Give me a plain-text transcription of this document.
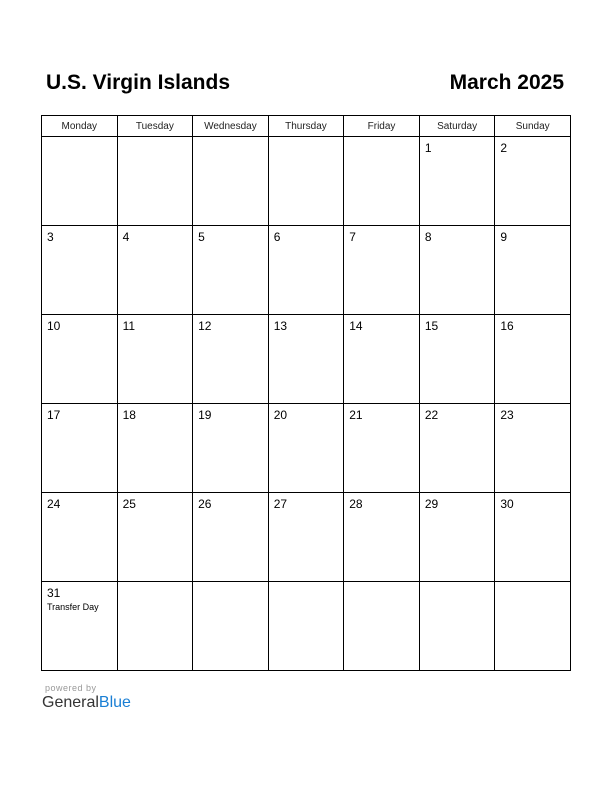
U.S. Virgin Islands	March 2025
Monday	Tuesday	Wednesday	Thursday	Friday	Saturday	Sunday

					1	2

3	4	5	6	7	8	9

10	11	12	13	14	15	16

17	18	19	20	21	22	23

24	25	26	27	28	29	30

31
Transfer Day						

powered by
GeneralBlue
